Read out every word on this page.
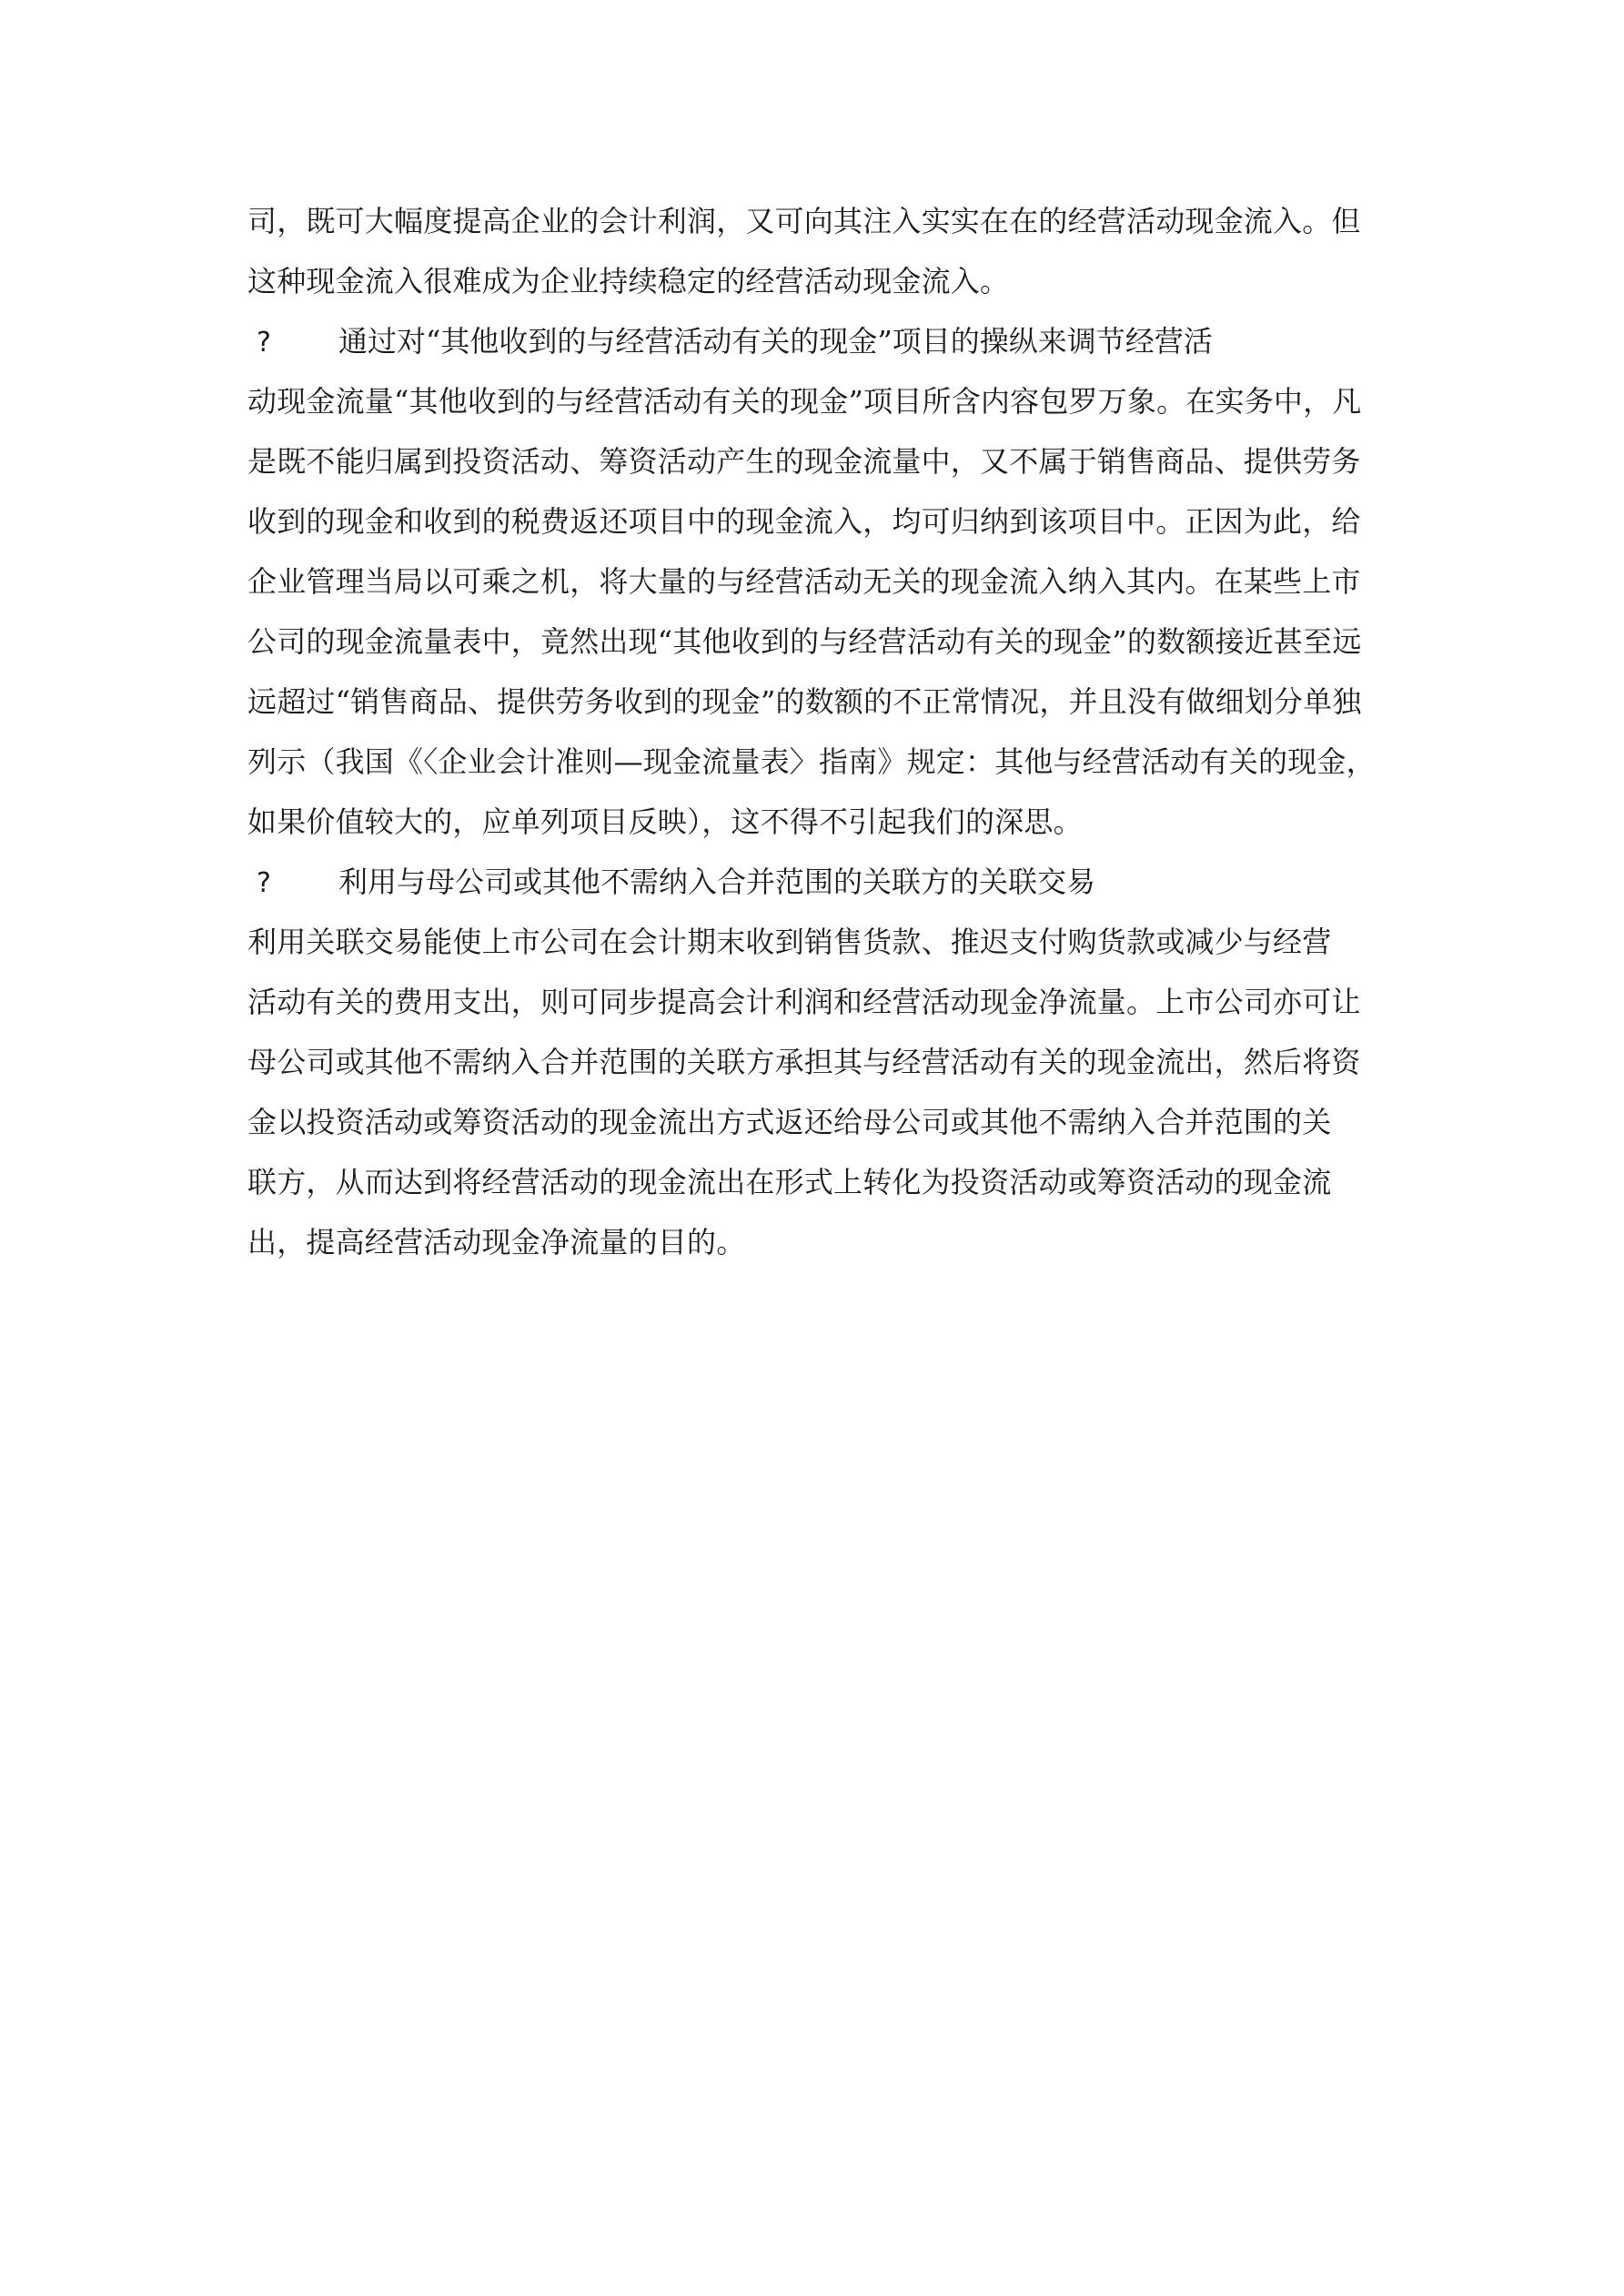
司，既可大幅度提高企业的会计利润，又可向其注入实实在在的经营活动现金流入。但
这种现金流入很难成为企业持续稳定的经营活动现金流入。
? 通过对“其他收到的与经营活动有关的现金”项目的操纵来调节经营活
动现金流量“其他收到的与经营活动有关的现金”项目所含内容包罗万象。在实务中，凡
是既不能归属到投资活动、筹资活动产生的现金流量中，又不属于销售商品、提供劳务
收到的现金和收到的税费返还项目中的现金流入，均可归纳到该项目中。正因为此，给
企业管理当局以可乘之机，将大量的与经营活动无关的现金流入纳入其内。在某些上市
公司的现金流量表中，竟然出现“其他收到的与经营活动有关的现金”的数额接近甚至远
远超过“销售商品、提供劳务收到的现金”的数额的不正常情况，并且没有做细划分单独
列示（我国《〈企业会计准则—现金流量表〉指南》规定：其他与经营活动有关的现金，
如果价值较大的，应单列项目反映），这不得不引起我们的深思。
? 利用与母公司或其他不需纳入合并范围的关联方的关联交易
利用关联交易能使上市公司在会计期末收到销售货款、推迟支付购货款或减少与经营
活动有关的费用支出，则可同步提高会计利润和经营活动现金净流量。上市公司亦可让
母公司或其他不需纳入合并范围的关联方承担其与经营活动有关的现金流出，然后将资
金以投资活动或筹资活动的现金流出方式返还给母公司或其他不需纳入合并范围的关
联方，从而达到将经营活动的现金流出在形式上转化为投资活动或筹资活动的现金流
出，提高经营活动现金净流量的目的。
